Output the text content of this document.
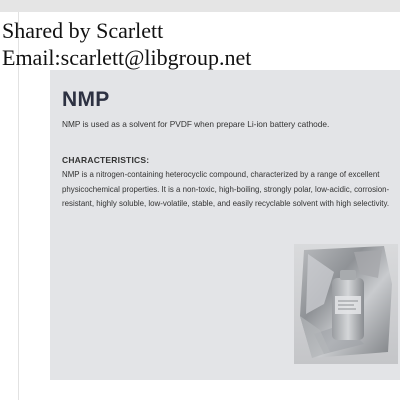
Shared by Scarlett
Email:scarlett@libgroup.net
NMP
NMP is used as a solvent for PVDF when prepare Li-ion battery cathode.
CHARACTERISTICS:
NMP is a nitrogen-containing heterocyclic compound, characterized by a range of excellent physicochemical properties. It is a non-toxic, high-boiling, strongly polar, low-acidic, corrosion-resistant, highly soluble, low-volatile, stable, and easily recyclable solvent with high selectivity.
